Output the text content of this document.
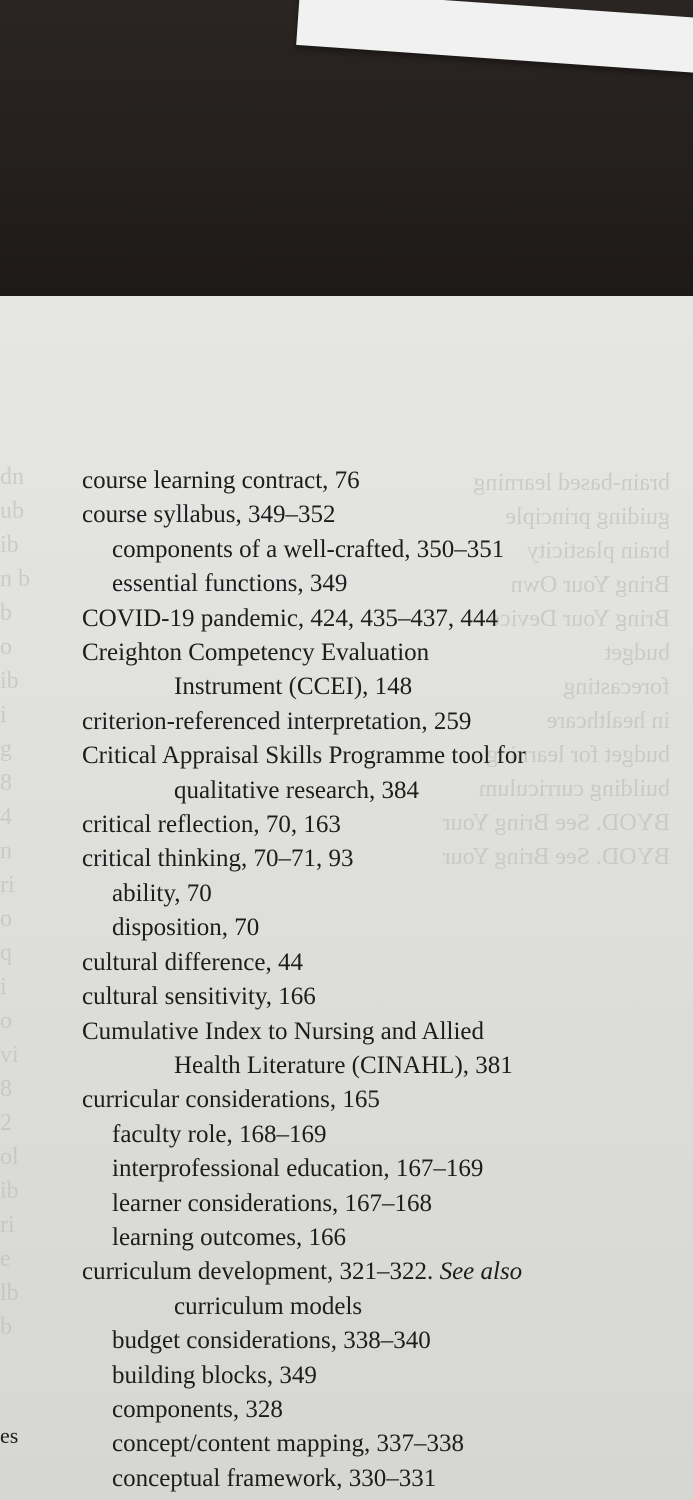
dn
ub
ib
n b
b
o
ib
i
g
8
4
n
ri
o
q
i
o
vi
8
2
ol
ib
ri
e
lb
b
brain-based learning
guiding principle
brain plasticity
Bring Your Own
Bring Your Device
budget
forecasting
in healthcare
budget for learning
building curriculum
BYOD. See Bring Your
BYOD. See Bring Your
course learning contract, 76
course syllabus, 349–352
components of a well-crafted, 350–351
essential functions, 349
COVID-19 pandemic, 424, 435–437, 444
Creighton Competency Evaluation
Instrument (CCEI), 148
criterion-referenced interpretation, 259
Critical Appraisal Skills Programme tool for
qualitative research, 384
critical reflection, 70, 163
critical thinking, 70–71, 93
ability, 70
disposition, 70
cultural difference, 44
cultural sensitivity, 166
Cumulative Index to Nursing and Allied
Health Literature (CINAHL), 381
curricular considerations, 165
faculty role, 168–169
interprofessional education, 167–169
learner considerations, 167–168
learning outcomes, 166
curriculum development, 321–322. See also
curriculum models
budget considerations, 338–340
building blocks, 349
components, 328
concept/content mapping, 337–338
conceptual framework, 330–331
es
